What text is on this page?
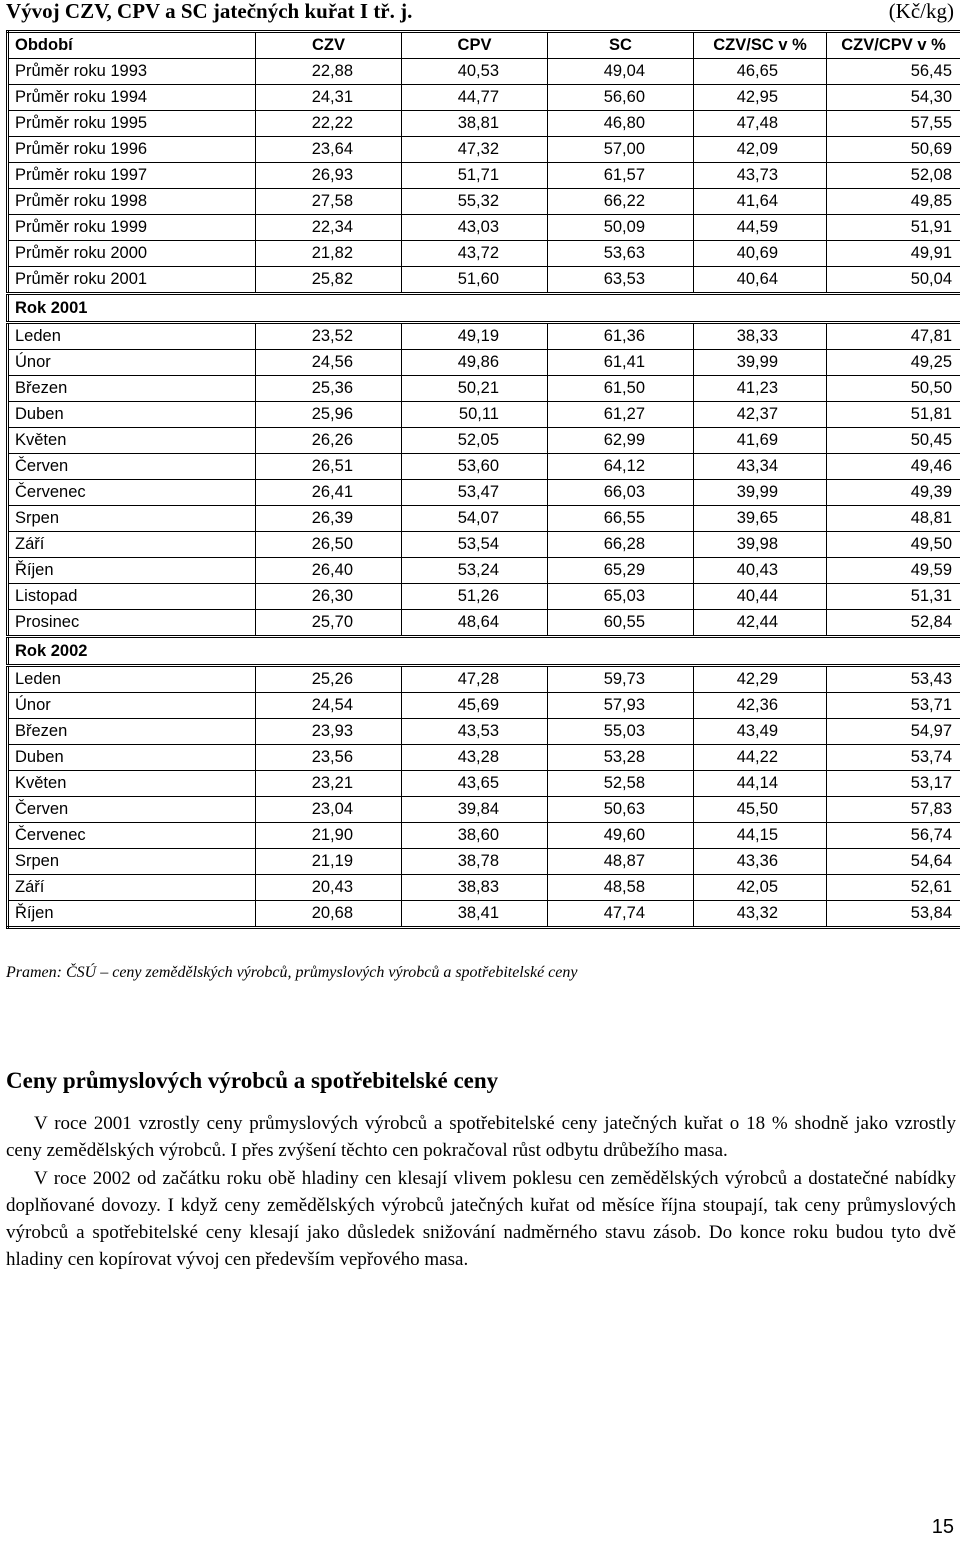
Vývoj CZV, CPV a SC jatečných kuřat I tř. j.	(Kč/kg)
Období	CZV	CPV	SC	CZV/SC v %	CZV/CPV v %
Průměr roku 1993	22,88	40,53	49,04	46,65	56,45
Průměr roku 1994	24,31	44,77	56,60	42,95	54,30
Průměr roku 1995	22,22	38,81	46,80	47,48	57,55
Průměr roku 1996	23,64	47,32	57,00	42,09	50,69
Průměr roku 1997	26,93	51,71	61,57	43,73	52,08
Průměr roku 1998	27,58	55,32	66,22	41,64	49,85
Průměr roku 1999	22,34	43,03	50,09	44,59	51,91
Průměr roku 2000	21,82	43,72	53,63	40,69	49,91
Průměr roku 2001	25,82	51,60	63,53	40,64	50,04
Rok 2001					
Leden	23,52	49,19	61,36	38,33	47,81
Únor	24,56	49,86	61,41	39,99	49,25
Březen	25,36	50,21	61,50	41,23	50,50
Duben	25,96	50,11	61,27	42,37	51,81
Květen	26,26	52,05	62,99	41,69	50,45
Červen	26,51	53,60	64,12	43,34	49,46
Červenec	26,41	53,47	66,03	39,99	49,39
Srpen	26,39	54,07	66,55	39,65	48,81
Září	26,50	53,54	66,28	39,98	49,50
Říjen	26,40	53,24	65,29	40,43	49,59
Listopad	26,30	51,26	65,03	40,44	51,31
Prosinec	25,70	48,64	60,55	42,44	52,84
Rok 2002					
Leden	25,26	47,28	59,73	42,29	53,43
Únor	24,54	45,69	57,93	42,36	53,71
Březen	23,93	43,53	55,03	43,49	54,97
Duben	23,56	43,28	53,28	44,22	53,74
Květen	23,21	43,65	52,58	44,14	53,17
Červen	23,04	39,84	50,63	45,50	57,83
Červenec	21,90	38,60	49,60	44,15	56,74
Srpen	21,19	38,78	48,87	43,36	54,64
Září	20,43	38,83	48,58	42,05	52,61
Říjen	20,68	38,41	47,74	43,32	53,84
Pramen: ČSÚ – ceny zemědělských výrobců, průmyslových výrobců a spotřebitelské ceny
Ceny průmyslových výrobců a spotřebitelské ceny

V roce 2001 vzrostly ceny průmyslových výrobců a spotřebitelské ceny jatečných kuřat o 18 % shodně jako vzrostly ceny zemědělských výrobců. I přes zvýšení těchto cen pokračoval růst odbytu drůbežího masa.

V roce 2002 od začátku roku obě hladiny cen klesají vlivem poklesu cen zemědělských výrobců a dostatečné nabídky doplňované dovozy. I když ceny zemědělských výrobců jatečných kuřat od měsíce října stoupají, tak ceny průmyslových výrobců a spotřebitelské ceny klesají jako důsledek snižování nadměrného stavu zásob. Do konce roku budou tyto dvě hladiny cen kopírovat vývoj cen především vepřového masa.

15
